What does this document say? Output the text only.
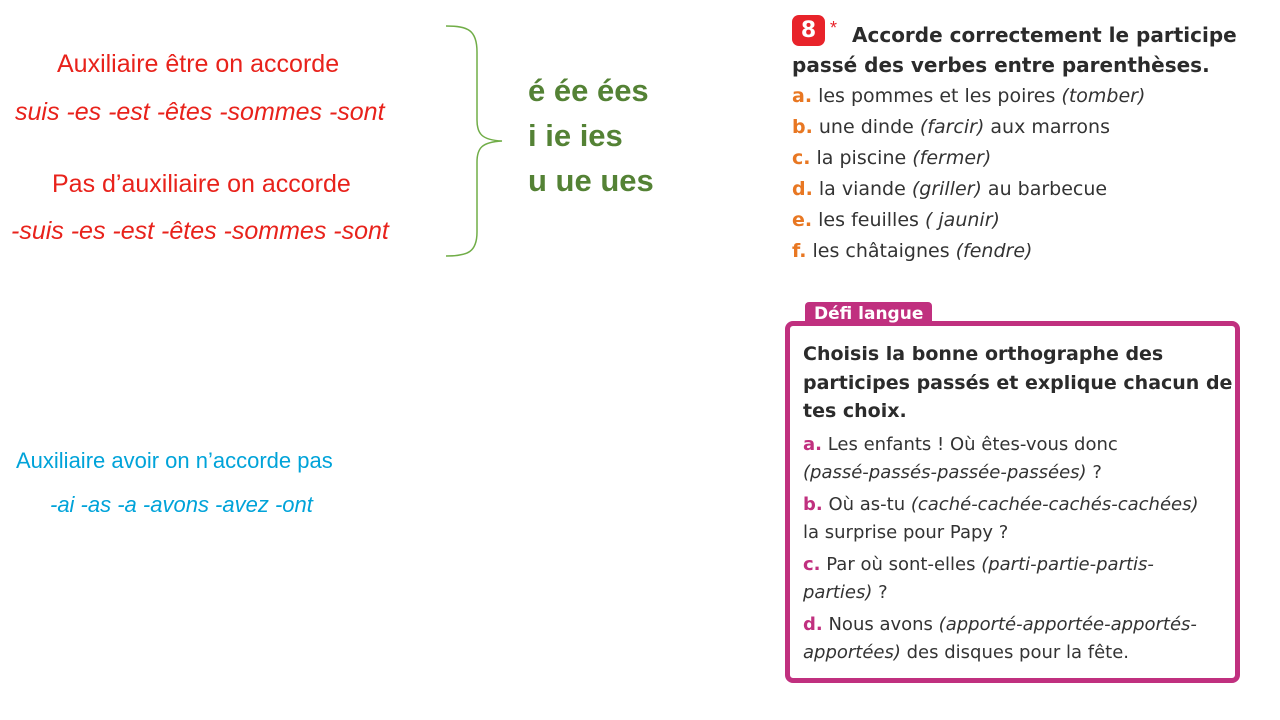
Auxiliaire être on accorde
suis -es -est -êtes -sommes -sont
Pas d’auxiliaire on accorde
-suis -es -est -êtes -sommes -sont
é ée ées
i ie ies
u ue ues
Auxiliaire avoir on n’accorde pas
-ai -as -a -avons -avez -ont
8 * Accorde correctement le participe
passé des verbes entre parenthèses.
a. les pommes et les poires (tomber)
b. une dinde (farcir) aux marrons
c. la piscine (fermer)
d. la viande (griller) au barbecue
e. les feuilles ( jaunir)
f. les châtaignes (fendre)
Défi langue
Choisis la bonne orthographe des
participes passés et explique chacun de
tes choix.
a. Les enfants ! Où êtes-vous donc
(passé-passés-passée-passées) ?
b. Où as-tu (caché-cachée-cachés-cachées)
la surprise pour Papy ?
c. Par où sont-elles (parti-partie-partis-
parties) ?
d. Nous avons (apporté-apportée-apportés-
apportées) des disques pour la fête.
